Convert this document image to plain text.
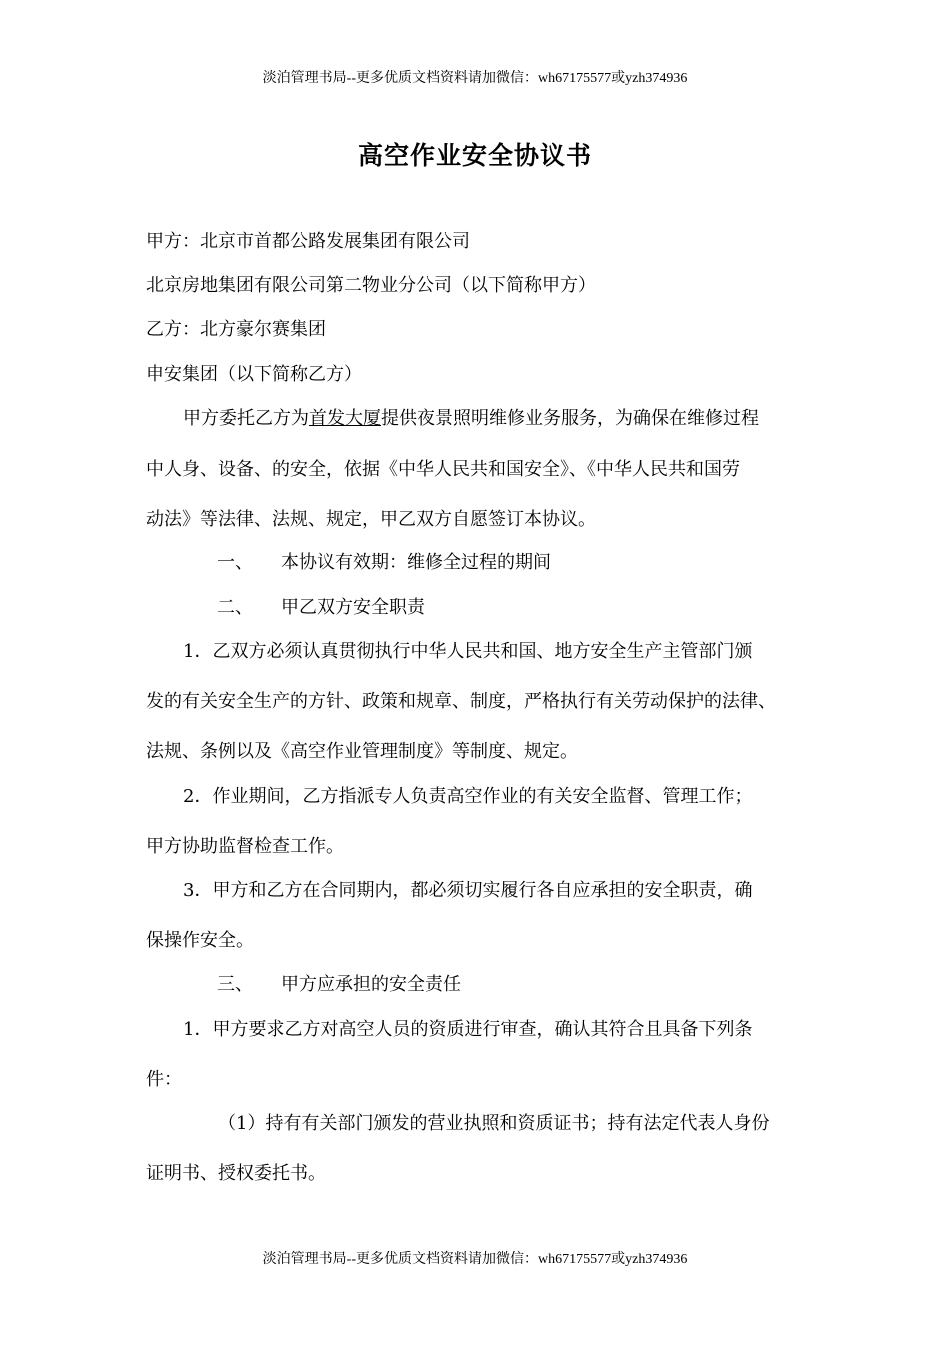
淡泊管理书局--更多优质文档资料请加微信：wh67175577或yzh374936
高空作业安全协议书
甲方：北京市首都公路发展集团有限公司
北京房地集团有限公司第二物业分公司（以下简称甲方）
乙方：北方豪尔赛集团
申安集团（以下简称乙方）
甲方委托乙方为首发大厦提供夜景照明维修业务服务，为确保在维修过程
中人身、设备、的安全，依据《中华人民共和国安全》、《中华人民共和国劳
动法》等法律、法规、规定，甲乙双方自愿签订本协议。
一、 本协议有效期：维修全过程的期间
二、 甲乙双方安全职责
1．乙双方必须认真贯彻执行中华人民共和国、地方安全生产主管部门颁
发的有关安全生产的方针、政策和规章、制度，严格执行有关劳动保护的法律、
法规、条例以及《高空作业管理制度》等制度、规定。
2．作业期间，乙方指派专人负责高空作业的有关安全监督、管理工作；
甲方协助监督检查工作。
3．甲方和乙方在合同期内，都必须切实履行各自应承担的安全职责，确
保操作安全。
三、 甲方应承担的安全责任
1．甲方要求乙方对高空人员的资质进行审查，确认其符合且具备下列条
件：
（1）持有有关部门颁发的营业执照和资质证书；持有法定代表人身份
证明书、授权委托书。
淡泊管理书局--更多优质文档资料请加微信：wh67175577或yzh374936
